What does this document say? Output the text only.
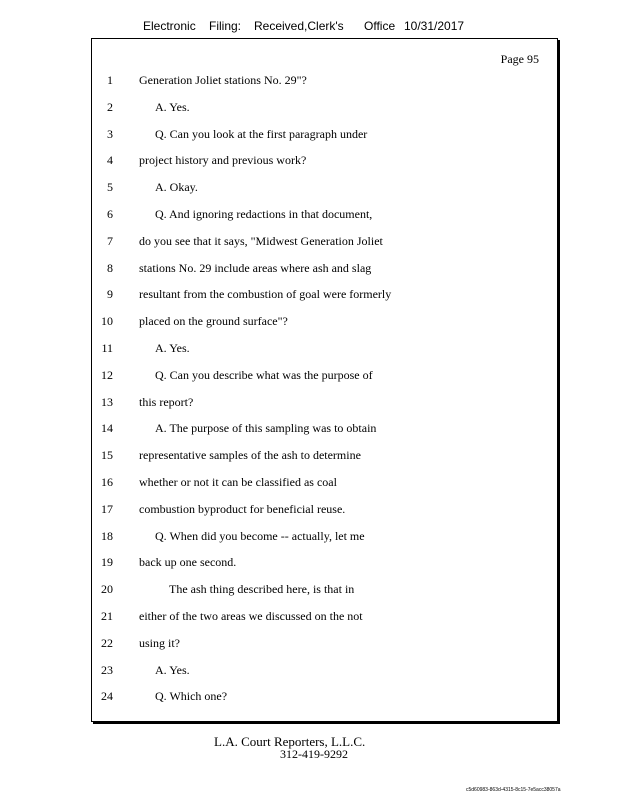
Electronic Filing: Received,Clerk's Office 10/31/2017
Page 95
1 Generation Joliet stations No. 29"?
2	A. Yes.
3	Q. Can you look at the first paragraph under
4 project history and previous work?
5	A. Okay.
6	Q. And ignoring redactions in that document,
7 do you see that it says, "Midwest Generation Joliet
8 stations No. 29 include areas where ash and slag
9 resultant from the combustion of goal were formerly
10 placed on the ground surface"?
11	A. Yes.
12	Q. Can you describe what was the purpose of
13 this report?
14	A. The purpose of this sampling was to obtain
15 representative samples of the ash to determine
16 whether or not it can be classified as coal
17 combustion byproduct for beneficial reuse.
18	Q. When did you become -- actually, let me
19 back up one second.
20	The ash thing described here, is that in
21 either of the two areas we discussed on the not
22 using it?
23	A. Yes.
24	Q. Which one?
L.A. Court Reporters, L.L.C.
312-419-9292
c5d60983-863d-4315-8c15-7e5acc38057a
